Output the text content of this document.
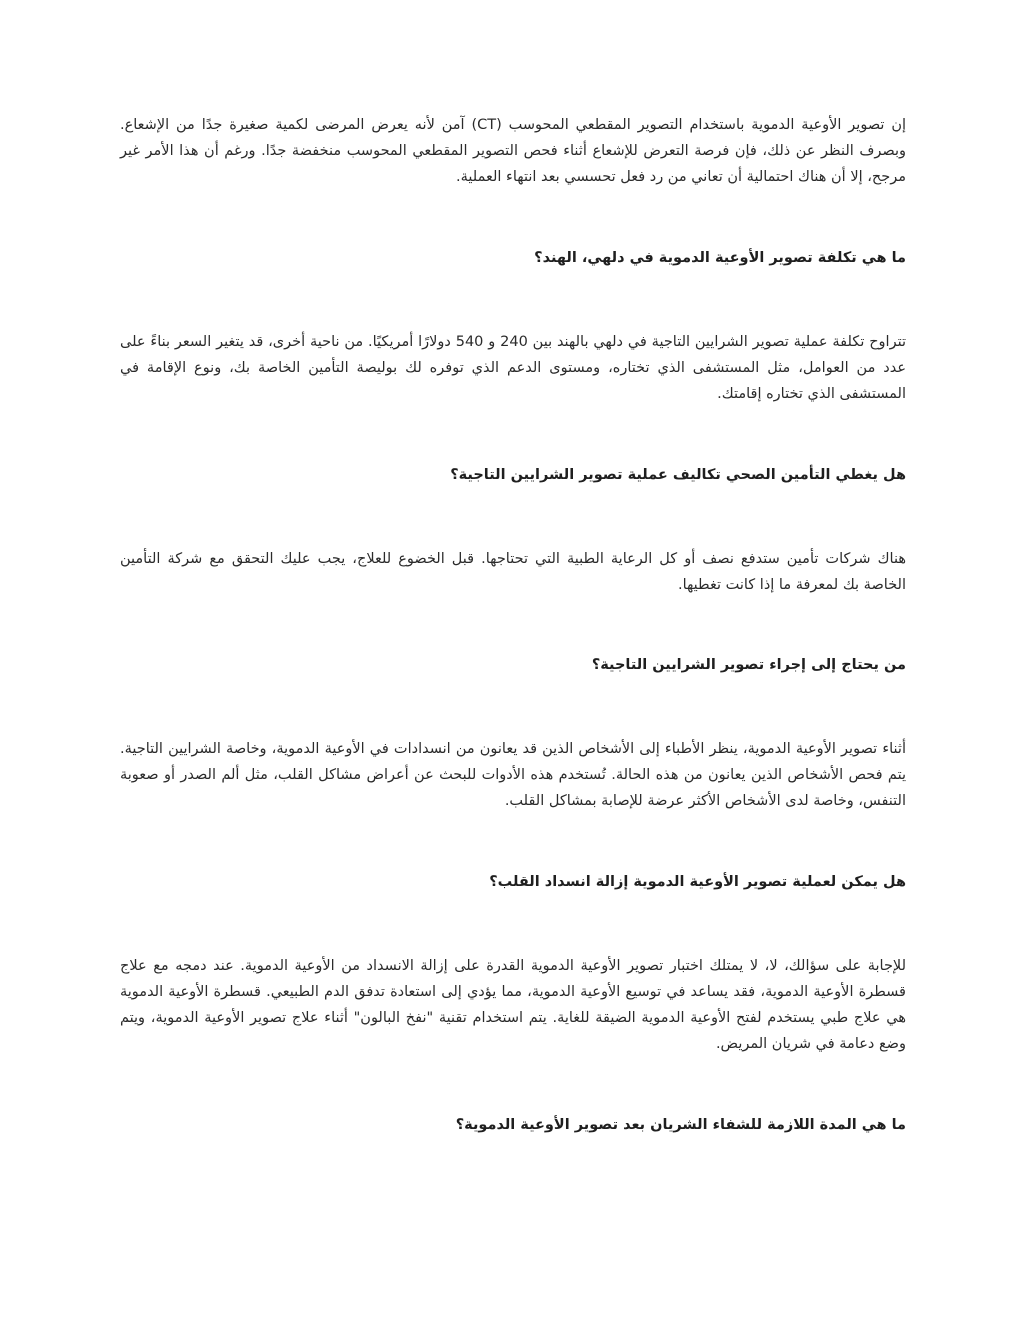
إن تصوير الأوعية الدموية باستخدام التصوير المقطعي المحوسب (CT) آمن لأنه يعرض المرضى لكمية صغيرة جدًا من الإشعاع. وبصرف النظر عن ذلك، فإن فرصة التعرض للإشعاع أثناء فحص التصوير المقطعي المحوسب منخفضة جدًا. ورغم أن هذا الأمر غير مرجح، إلا أن هناك احتمالية أن تعاني من رد فعل تحسسي بعد انتهاء العملية.

ما هي تكلفة تصوير الأوعية الدموية في دلهي، الهند؟

تتراوح تكلفة عملية تصوير الشرايين التاجية في دلهي بالهند بين 240 و 540 دولارًا أمريكيًا. من ناحية أخرى، قد يتغير السعر بناءً على عدد من العوامل، مثل المستشفى الذي تختاره، ومستوى الدعم الذي توفره لك بوليصة التأمين الخاصة بك، ونوع الإقامة في المستشفى الذي تختاره إقامتك.

هل يغطي التأمين الصحي تكاليف عملية تصوير الشرايين التاجية؟

هناك شركات تأمين ستدفع نصف أو كل الرعاية الطبية التي تحتاجها. قبل الخضوع للعلاج، يجب عليك التحقق مع شركة التأمين الخاصة بك لمعرفة ما إذا كانت تغطيها.

من يحتاج إلى إجراء تصوير الشرايين التاجية؟

أثناء تصوير الأوعية الدموية، ينظر الأطباء إلى الأشخاص الذين قد يعانون من انسدادات في الأوعية الدموية، وخاصة الشرايين التاجية. يتم فحص الأشخاص الذين يعانون من هذه الحالة. تُستخدم هذه الأدوات للبحث عن أعراض مشاكل القلب، مثل ألم الصدر أو صعوبة التنفس، وخاصة لدى الأشخاص الأكثر عرضة للإصابة بمشاكل القلب.

هل يمكن لعملية تصوير الأوعية الدموية إزالة انسداد القلب؟

للإجابة على سؤالك، لا، لا يمتلك اختبار تصوير الأوعية الدموية القدرة على إزالة الانسداد من الأوعية الدموية. عند دمجه مع علاج قسطرة الأوعية الدموية، فقد يساعد في توسيع الأوعية الدموية، مما يؤدي إلى استعادة تدفق الدم الطبيعي. قسطرة الأوعية الدموية هي علاج طبي يستخدم لفتح الأوعية الدموية الضيقة للغاية. يتم استخدام تقنية "نفخ البالون" أثناء علاج تصوير الأوعية الدموية، ويتم وضع دعامة في شريان المريض.

ما هي المدة اللازمة للشفاء الشريان بعد تصوير الأوعية الدموية؟
